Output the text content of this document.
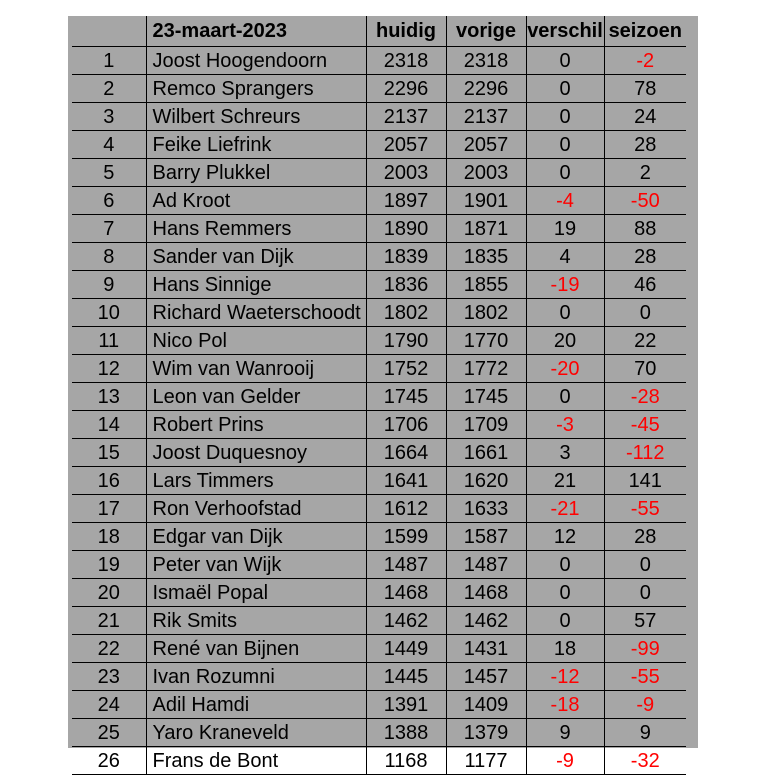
	23-maart-2023	huidig	vorige	verschil	seizoen
1	Joost Hoogendoorn	2318	2318	0	-2
2	Remco Sprangers	2296	2296	0	78
3	Wilbert Schreurs	2137	2137	0	24
4	Feike Liefrink	2057	2057	0	28
5	Barry Plukkel	2003	2003	0	2
6	Ad Kroot	1897	1901	-4	-50
7	Hans Remmers	1890	1871	19	88
8	Sander van Dijk	1839	1835	4	28
9	Hans Sinnige	1836	1855	-19	46
10	Richard Waeterschoodt	1802	1802	0	0
11	Nico Pol	1790	1770	20	22
12	Wim van Wanrooij	1752	1772	-20	70
13	Leon van Gelder	1745	1745	0	-28
14	Robert Prins	1706	1709	-3	-45
15	Joost Duquesnoy	1664	1661	3	-112
16	Lars Timmers	1641	1620	21	141
17	Ron Verhoofstad	1612	1633	-21	-55
18	Edgar van Dijk	1599	1587	12	28
19	Peter van Wijk	1487	1487	0	0
20	Ismaël Popal	1468	1468	0	0
21	Rik Smits	1462	1462	0	57
22	René van Bijnen	1449	1431	18	-99
23	Ivan Rozumni	1445	1457	-12	-55
24	Adil Hamdi	1391	1409	-18	-9
25	Yaro Kraneveld	1388	1379	9	9
26	Frans de Bont	1168	1177	-9	-32
